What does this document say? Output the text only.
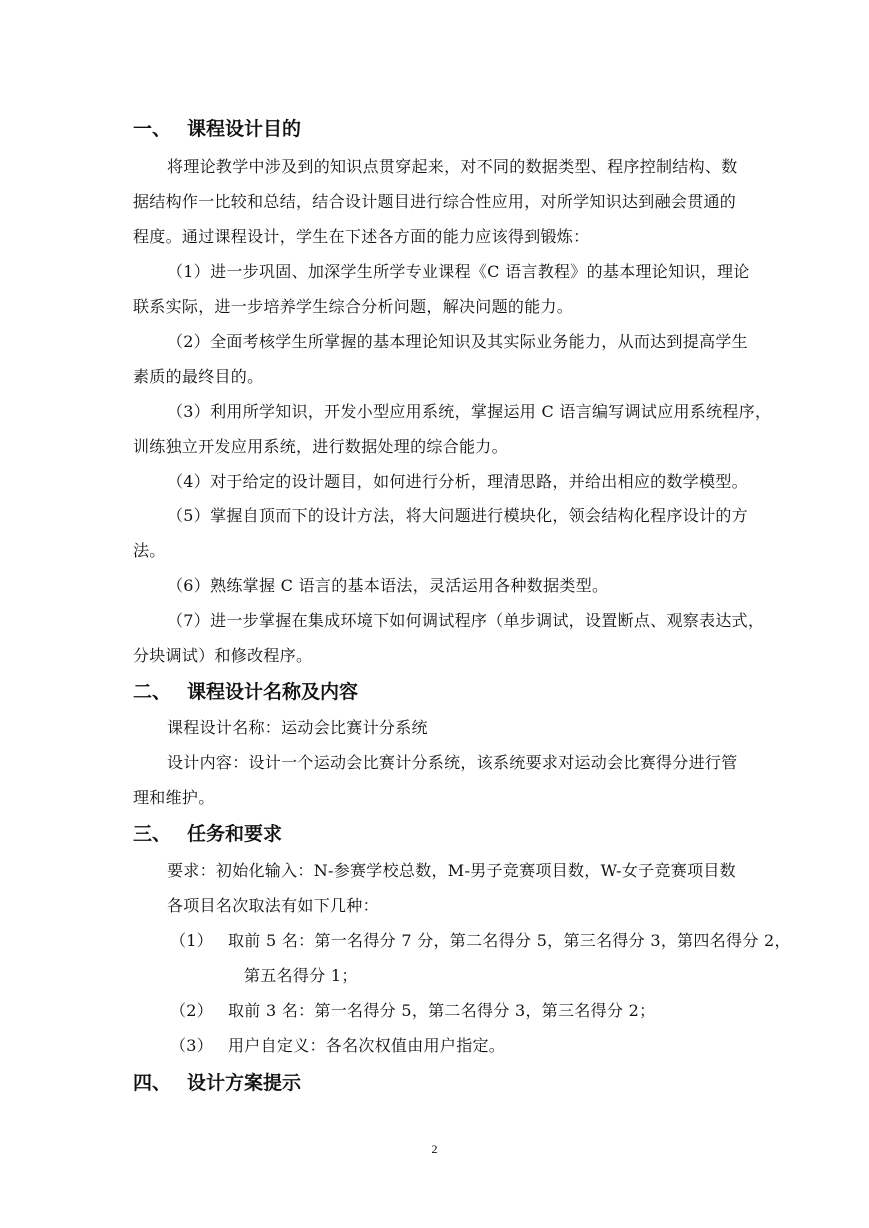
一、 课程设计目的
将理论教学中涉及到的知识点贯穿起来，对不同的数据类型、程序控制结构、数
据结构作一比较和总结，结合设计题目进行综合性应用，对所学知识达到融会贯通的
程度。通过课程设计，学生在下述各方面的能力应该得到锻炼：
（1）进一步巩固、加深学生所学专业课程《C 语言教程》的基本理论知识，理论
联系实际，进一步培养学生综合分析问题，解决问题的能力。
（2）全面考核学生所掌握的基本理论知识及其实际业务能力，从而达到提高学生
素质的最终目的。
（3）利用所学知识，开发小型应用系统，掌握运用 C 语言编写调试应用系统程序，
训练独立开发应用系统，进行数据处理的综合能力。
（4）对于给定的设计题目，如何进行分析，理清思路，并给出相应的数学模型。
（5）掌握自顶而下的设计方法，将大问题进行模块化，领会结构化程序设计的方
法。
（6）熟练掌握 C 语言的基本语法，灵活运用各种数据类型。
（7）进一步掌握在集成环境下如何调试程序（单步调试，设置断点、观察表达式，
分块调试）和修改程序。
二、 课程设计名称及内容
课程设计名称：运动会比赛计分系统
设计内容：设计一个运动会比赛计分系统，该系统要求对运动会比赛得分进行管
理和维护。
三、 任务和要求
要求：初始化输入：N-参赛学校总数，M-男子竞赛项目数，W-女子竞赛项目数
各项目名次取法有如下几种：
（1） 取前 5 名：第一名得分 7 分，第二名得分 5，第三名得分 3，第四名得分 2，
第五名得分 1；
（2） 取前 3 名：第一名得分 5，第二名得分 3，第三名得分 2；
（3） 用户自定义：各名次权值由用户指定。
四、 设计方案提示
2
